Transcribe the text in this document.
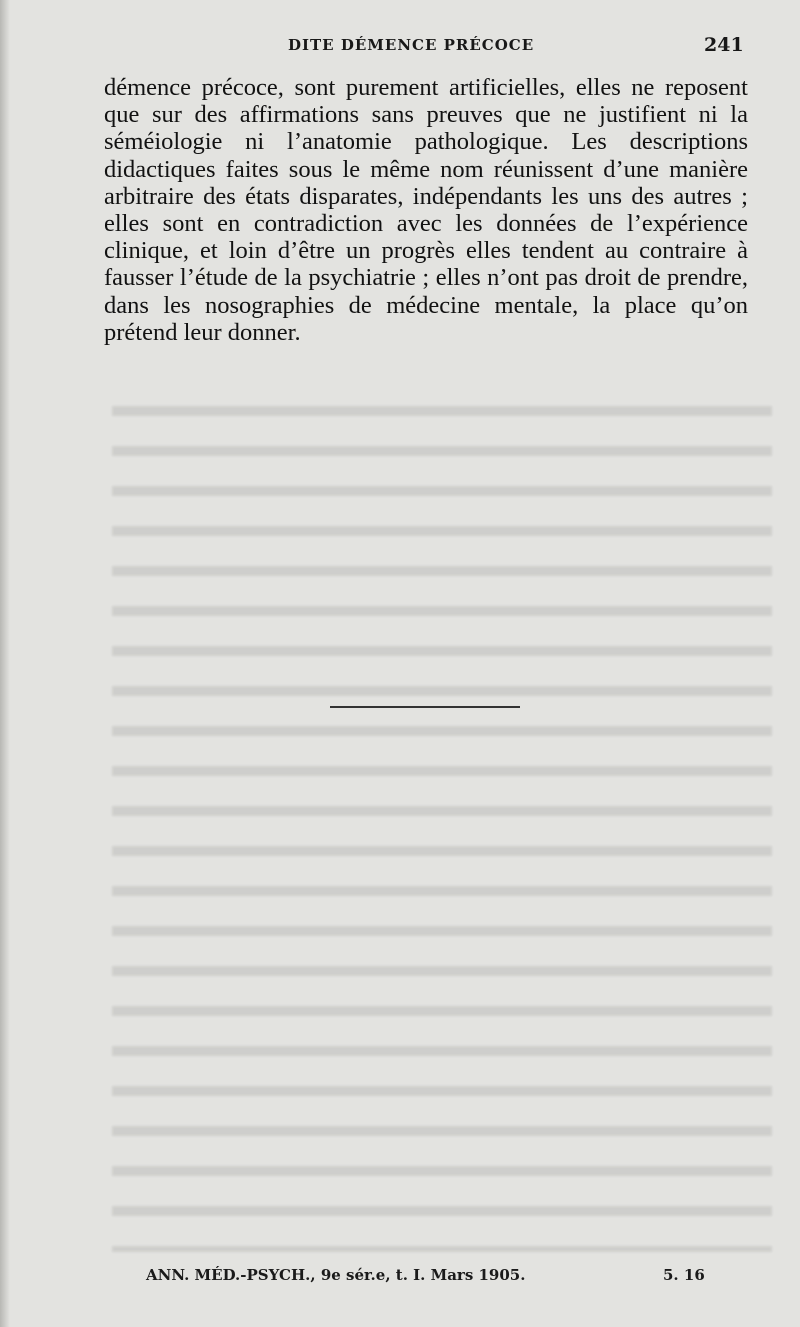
DITE DÉMENCE PRÉCOCE	241

démence précoce, sont purement artificielles, elles ne reposent que sur des affirmations sans preuves que ne justifient ni la séméiologie ni l’anatomie pathologique. Les descriptions didactiques faites sous le même nom réunissent d’une manière arbitraire des états disparates, indépendants les uns des autres ; elles sont en contradiction avec les données de l’expérience clinique, et loin d’être un progrès elles tendent au contraire à fausser l’étude de la psychiatrie ; elles n’ont pas droit de prendre, dans les nosographies de médecine mentale, la place qu’on prétend leur donner.

ANN. MÉD.-PSYCH., 9e sér.e, t. I. Mars 1905.	5. 16
